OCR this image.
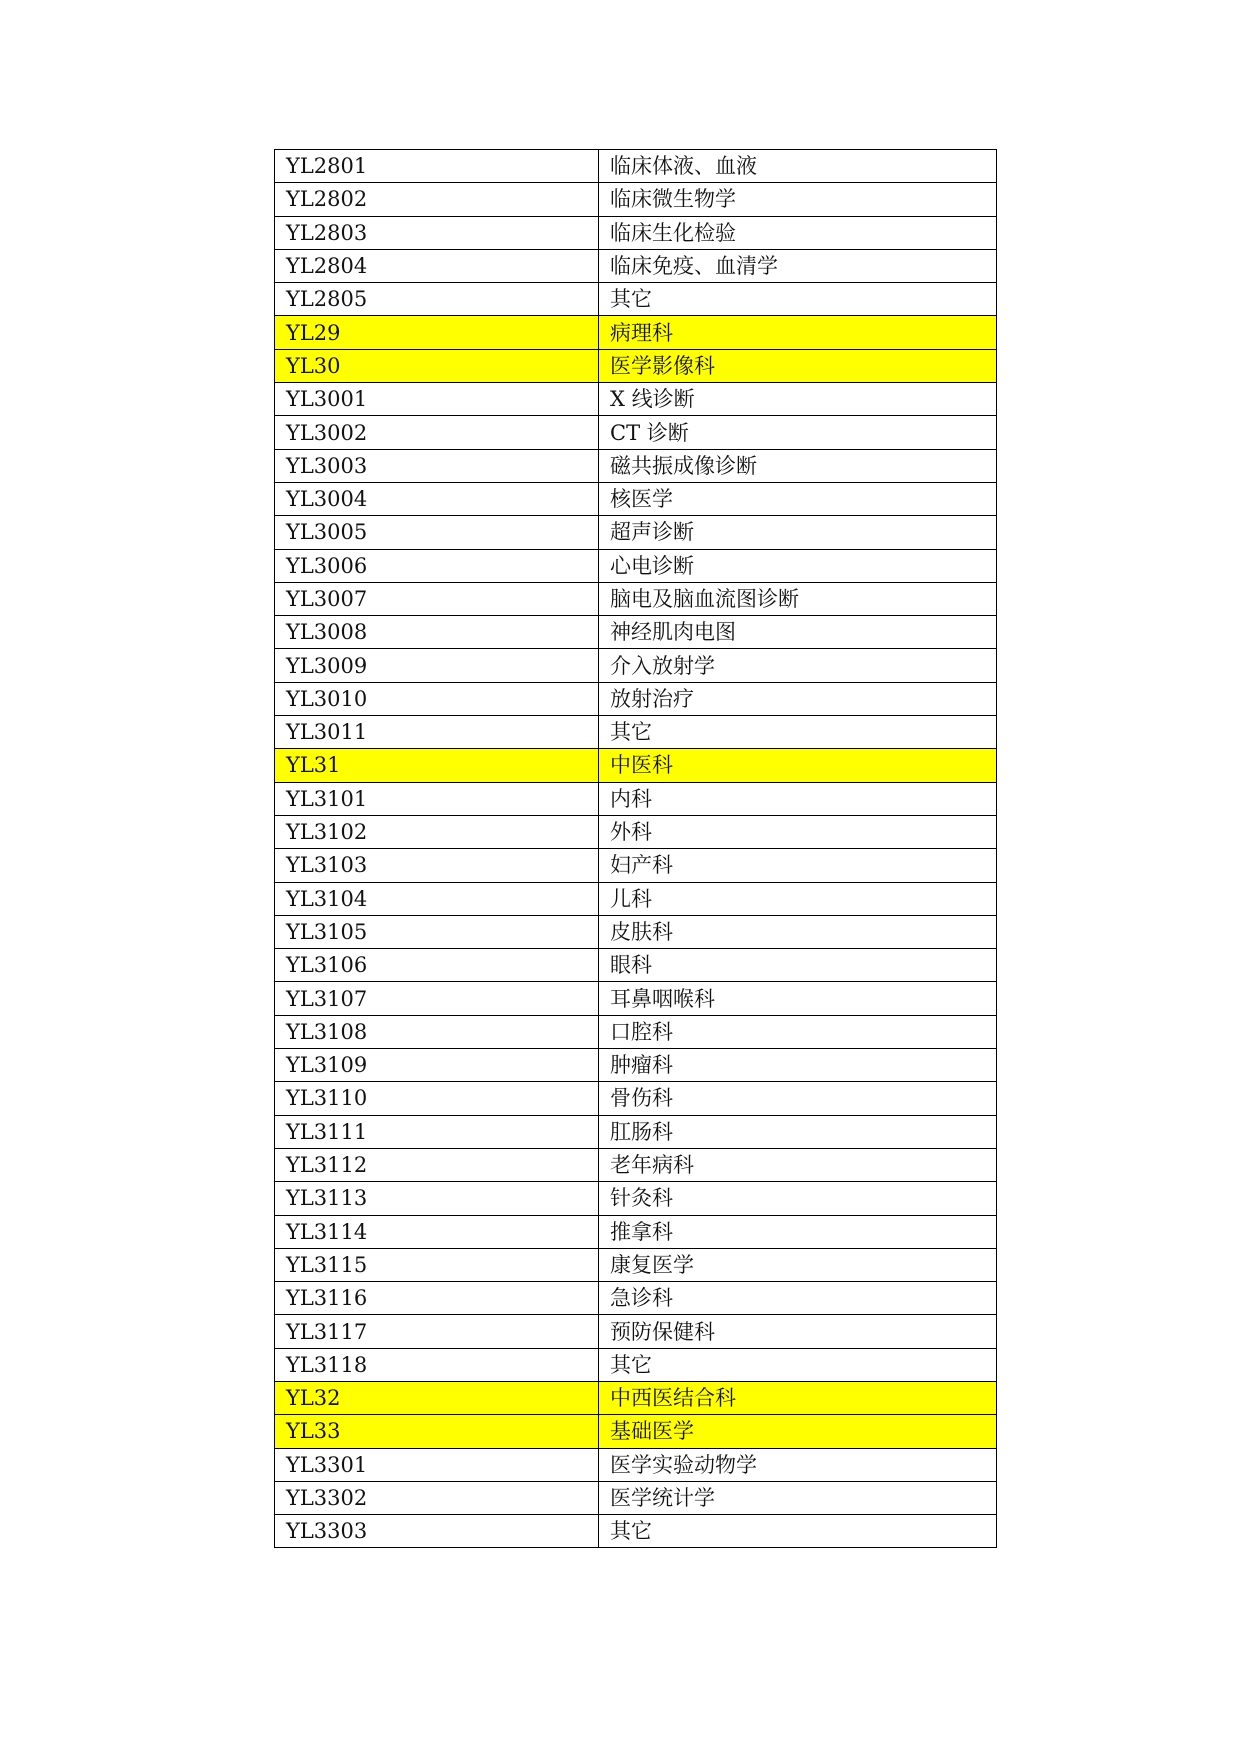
YL2801	临床体液、血液
YL2802	临床微生物学
YL2803	临床生化检验
YL2804	临床免疫、血清学
YL2805	其它
YL29	病理科
YL30	医学影像科
YL3001	X 线诊断
YL3002	CT 诊断
YL3003	磁共振成像诊断
YL3004	核医学
YL3005	超声诊断
YL3006	心电诊断
YL3007	脑电及脑血流图诊断
YL3008	神经肌肉电图
YL3009	介入放射学
YL3010	放射治疗
YL3011	其它
YL31	中医科
YL3101	内科
YL3102	外科
YL3103	妇产科
YL3104	儿科
YL3105	皮肤科
YL3106	眼科
YL3107	耳鼻咽喉科
YL3108	口腔科
YL3109	肿瘤科
YL3110	骨伤科
YL3111	肛肠科
YL3112	老年病科
YL3113	针灸科
YL3114	推拿科
YL3115	康复医学
YL3116	急诊科
YL3117	预防保健科
YL3118	其它
YL32	中西医结合科
YL33	基础医学
YL3301	医学实验动物学
YL3302	医学统计学
YL3303	其它
